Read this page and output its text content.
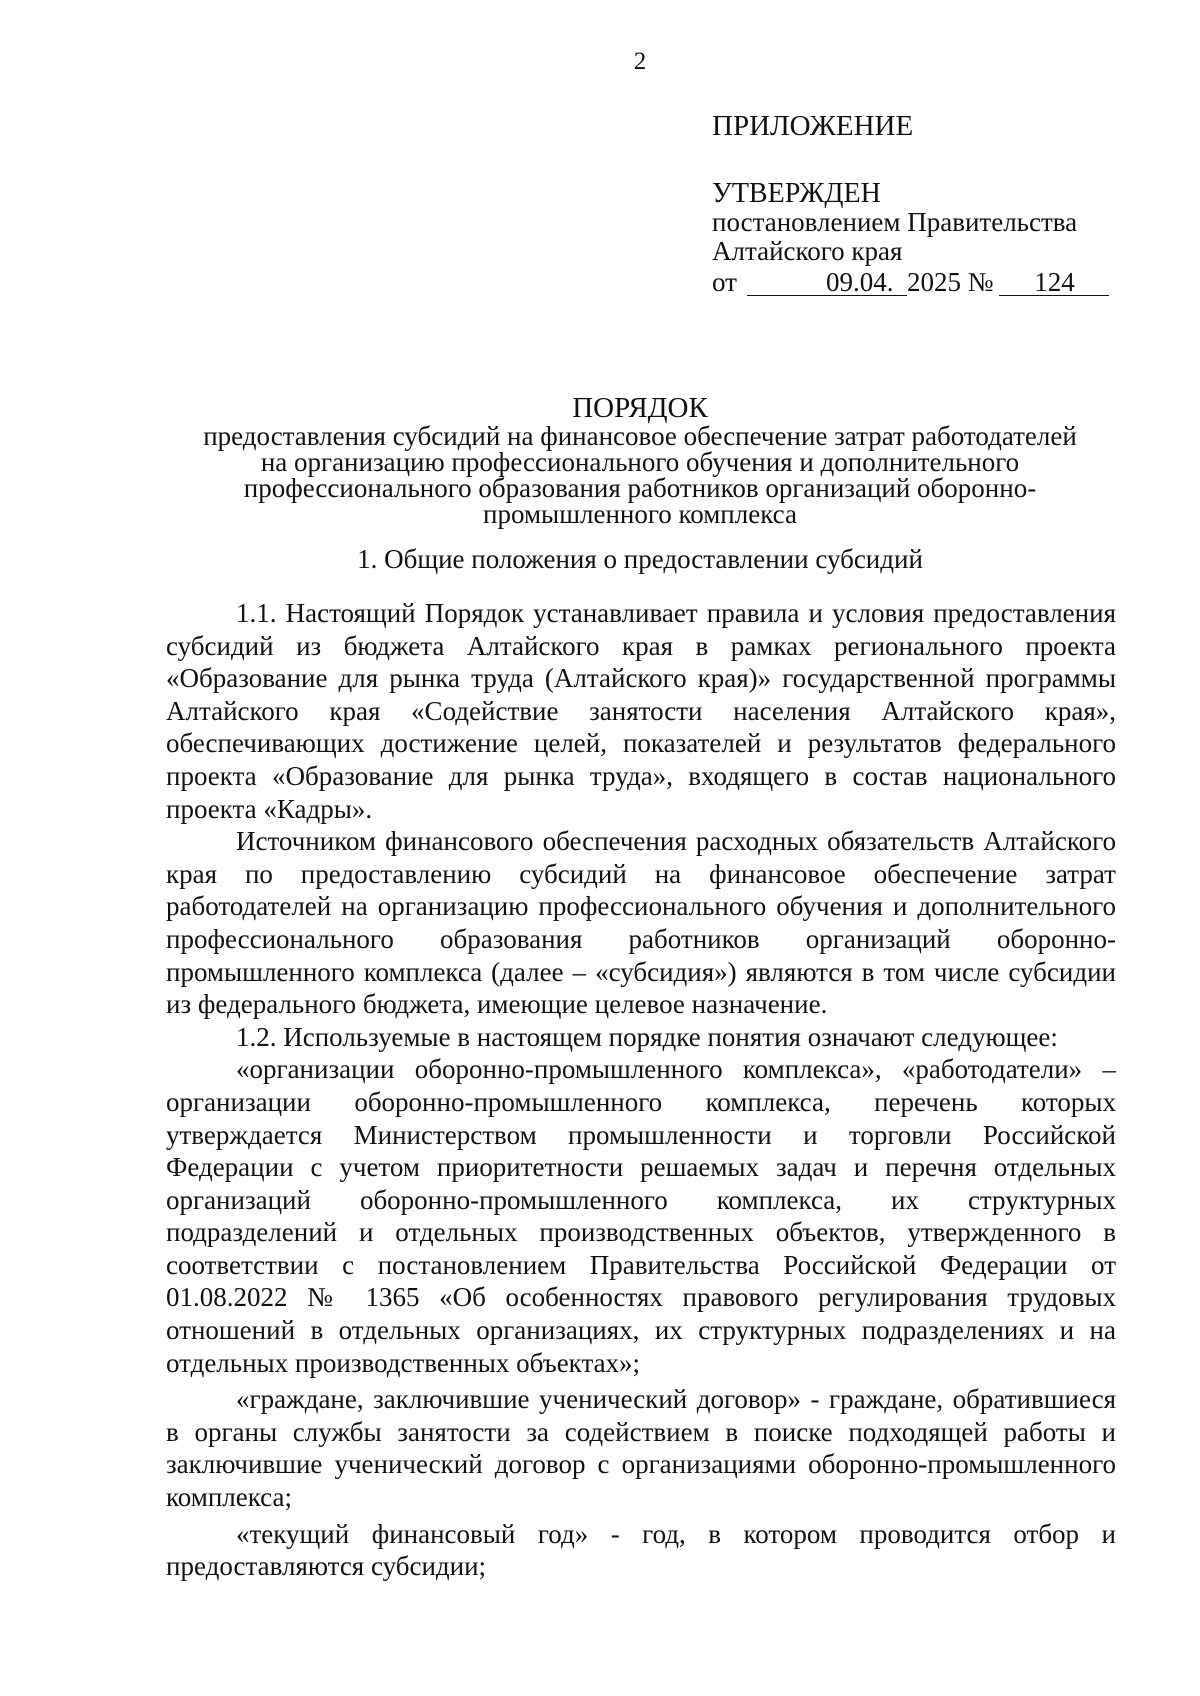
2
ПРИЛОЖЕНИЕ
УТВЕРЖДЕН
постановлением Правительства
Алтайского края
от	09.04. 2025 № 124
ПОРЯДОК
предоставления субсидий на финансовое обеспечение затрат работодателей
на организацию профессионального обучения и дополнительного
профессионального образования работников организаций оборонно-
промышленного комплекса
1. Общие положения о предоставлении субсидий

1.1. Настоящий Порядок устанавливает правила и условия предоставления субсидий из бюджета Алтайского края в рамках регионального проекта «Образование для рынка труда (Алтайского края)» государственной программы Алтайского края «Содействие занятости населения Алтайского края», обеспечивающих достижение целей, показателей и результатов федерального проекта «Образование для рынка труда», входящего в состав национального проекта «Кадры».

Источником финансового обеспечения расходных обязательств Алтайского края по предоставлению субсидий на финансовое обеспечение затрат работодателей на организацию профессионального обучения и дополнительного профессионального образования работников организаций оборонно-промышленного комплекса (далее – «субсидия») являются в том числе субсидии из федерального бюджета, имеющие целевое назначение.

1.2. Используемые в настоящем порядке понятия означают следующее:

«организации оборонно-промышленного комплекса», «работодатели» – организации оборонно-промышленного комплекса, перечень которых утверждается Министерством промышленности и торговли Российской Федерации с учетом приоритетности решаемых задач и перечня отдельных организаций оборонно-промышленного комплекса, их структурных подразделений и отдельных производственных объектов, утвержденного в соответствии с постановлением Правительства Российской Федерации от 01.08.2022 № 1365 «Об особенностях правового регулирования трудовых отношений в отдельных организациях, их структурных подразделениях и на отдельных производственных объектах»;

«граждане, заключившие ученический договор» - граждане, обратившиеся в органы службы занятости за содействием в поиске подходящей работы и заключившие ученический договор с организациями оборонно-промышленного комплекса;

«текущий финансовый год» - год, в котором проводится отбор и предоставляются субсидии;
